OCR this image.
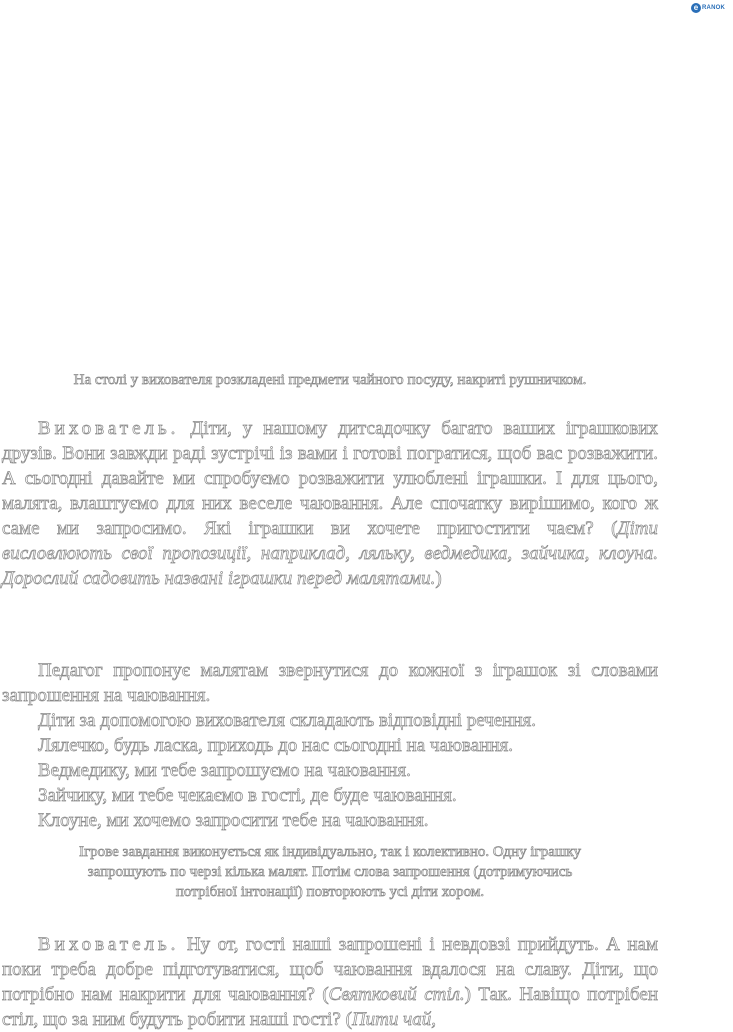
e RANOK
На столі у вихователя розкладені предмети чайного посуду, накриті рушничком.
Вихователь. Діти, у нашому дитсадочку багато ваших іграшкових друзів. Вони завжди раді зустрічі із вами і готові погратися, щоб вас розважити. А сьогодні давайте ми спробуємо розважити улюблені іграшки. І для цього, малята, влаштуємо для них веселе чаювання. Але спочатку вирішимо, кого ж саме ми запросимо. Які іграшки ви хочете пригостити чаєм? (Діти висловлюють свої пропозиції, наприклад, ляльку, ведмедика, зайчика, клоуна. Дорослий садовить названі іграшки перед малятами.)
Педагог пропонує малятам звернутися до кожної з іграшок зі словами запрошення на чаювання.
Діти за допомогою вихователя складають відповідні речення.
Лялечко, будь ласка, приходь до нас сьогодні на чаювання.
Ведмедику, ми тебе запрошуємо на чаювання.
Зайчику, ми тебе чекаємо в гості, де буде чаювання.
Клоуне, ми хочемо запросити тебе на чаювання.
Ігрове завдання виконується як індивідуально, так і колективно. Одну іграшку запрошують по черзі кілька малят. Потім слова запрошення (дотримуючись потрібної інтонації) повторюють усі діти хором.
Вихователь. Ну от, гості наші запрошені і невдовзі прийдуть. А нам поки треба добре підготуватися, щоб чаювання вдалося на славу. Діти, що потрібно нам накрити для чаювання? (Святковий стіл.) Так. Навіщо потрібен стіл, що за ним будуть робити наші гості? (Пити чай,
